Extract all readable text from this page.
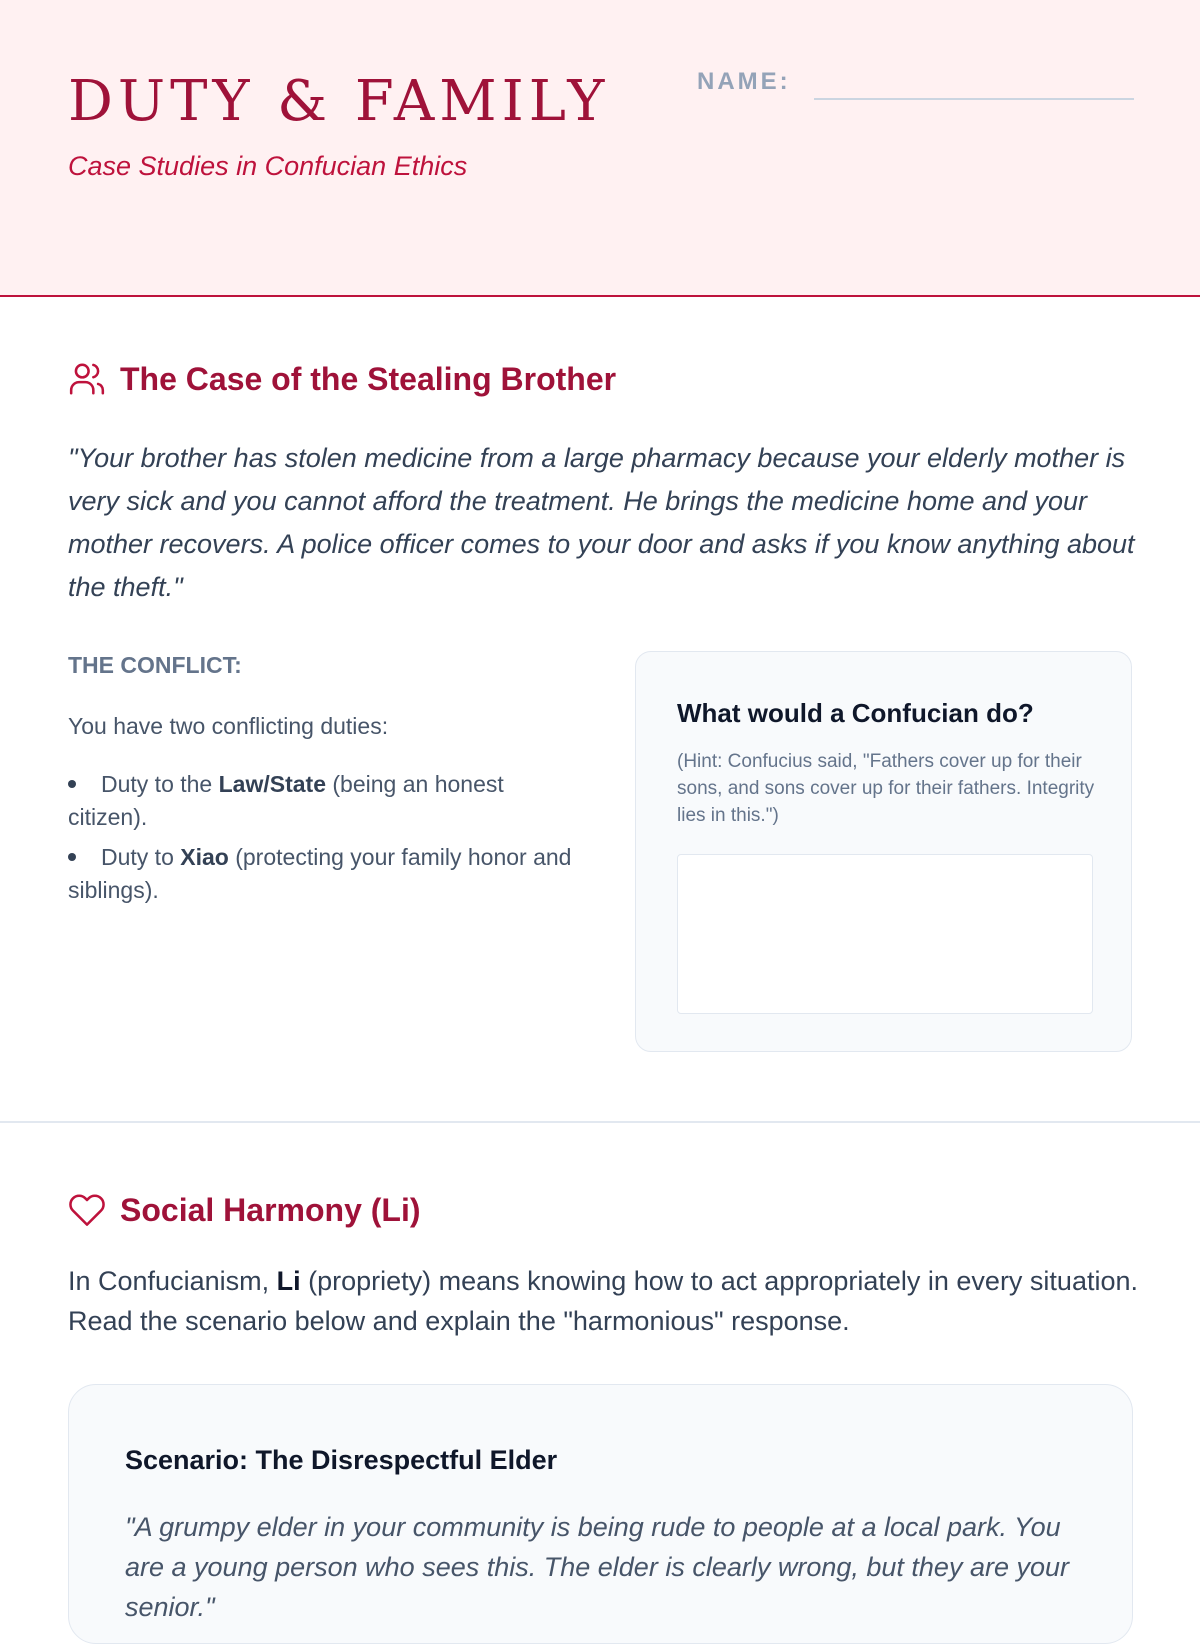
DUTY & FAMILY
Case Studies in Confucian Ethics
NAME:
The Case of the Stealing Brother

"Your brother has stolen medicine from a large pharmacy because your elderly mother is very sick and you cannot afford the treatment. He brings the medicine home and your mother recovers. A police officer comes to your door and asks if you know anything about the theft."

THE CONFLICT:
You have two conflicting duties:
Duty to the Law/State (being an honest citizen).
Duty to Xiao (protecting your family honor and siblings).
What would a Confucian do?
(Hint: Confucius said, "Fathers cover up for their sons, and sons cover up for their fathers. Integrity lies in this.")
Social Harmony (Li)

In Confucianism, Li (propriety) means knowing how to act appropriately in every situation. Read the scenario below and explain the "harmonious" response.

Scenario: The Disrespectful Elder

"A grumpy elder in your community is being rude to people at a local park. You are a young person who sees this. The elder is clearly wrong, but they are your senior."
